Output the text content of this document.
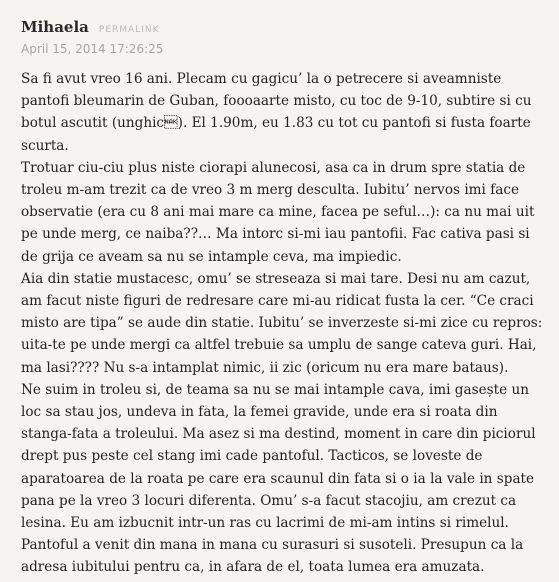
Mihaela PERMALINK
April 15, 2014 17:26:25

Sa fi avut vreo 16 ani. Plecam cu gagicu’ la o petrecere si aveamniste pantofi bleumarin de Guban, foooaarte misto, cu toc de 9-10, subtire si cu botul ascutit (unghic). El 1.90m, eu 1.83 cu tot cu pantofi si fusta foarte scurta.

Trotuar ciu-ciu plus niste ciorapi alunecosi, asa ca in drum spre statia de troleu m-am trezit ca de vreo 3 m merg desculta. Iubitu’ nervos imi face observatie (era cu 8 ani mai mare ca mine, facea pe seful…): ca nu mai uit pe unde merg, ce naiba??… Ma intorc si-mi iau pantofii. Fac cativa pasi si de grija ce aveam sa nu se intample ceva, ma impiedic.

Aia din statie mustacesc, omu’ se streseaza si mai tare. Desi nu am cazut, am facut niste figuri de redresare care mi-au ridicat fusta la cer. “Ce craci misto are tipa” se aude din statie. Iubitu’ se inverzeste si-mi zice cu repros: uita-te pe unde mergi ca altfel trebuie sa umplu de sange cateva guri. Hai, ma lasi???? Nu s-a intamplat nimic, ii zic (oricum nu era mare bataus).

Ne suim in troleu si, de teama sa nu se mai intample cava, imi gasește un loc sa stau jos, undeva in fata, la femei gravide, unde era si roata din stanga-fata a troleului. Ma asez si ma destind, moment in care din piciorul drept pus peste cel stang imi cade pantoful. Tacticos, se loveste de aparatoarea de la roata pe care era scaunul din fata si o ia la vale in spate pana pe la vreo 3 locuri diferenta. Omu’ s-a facut stacojiu, am crezut ca lesina. Eu am izbucnit intr-un ras cu lacrimi de mi-am intins si rimelul. Pantoful a venit din mana in mana cu surasuri si susoteli. Presupun ca la adresa iubitului pentru ca, in afara de el, toata lumea era amuzata.
